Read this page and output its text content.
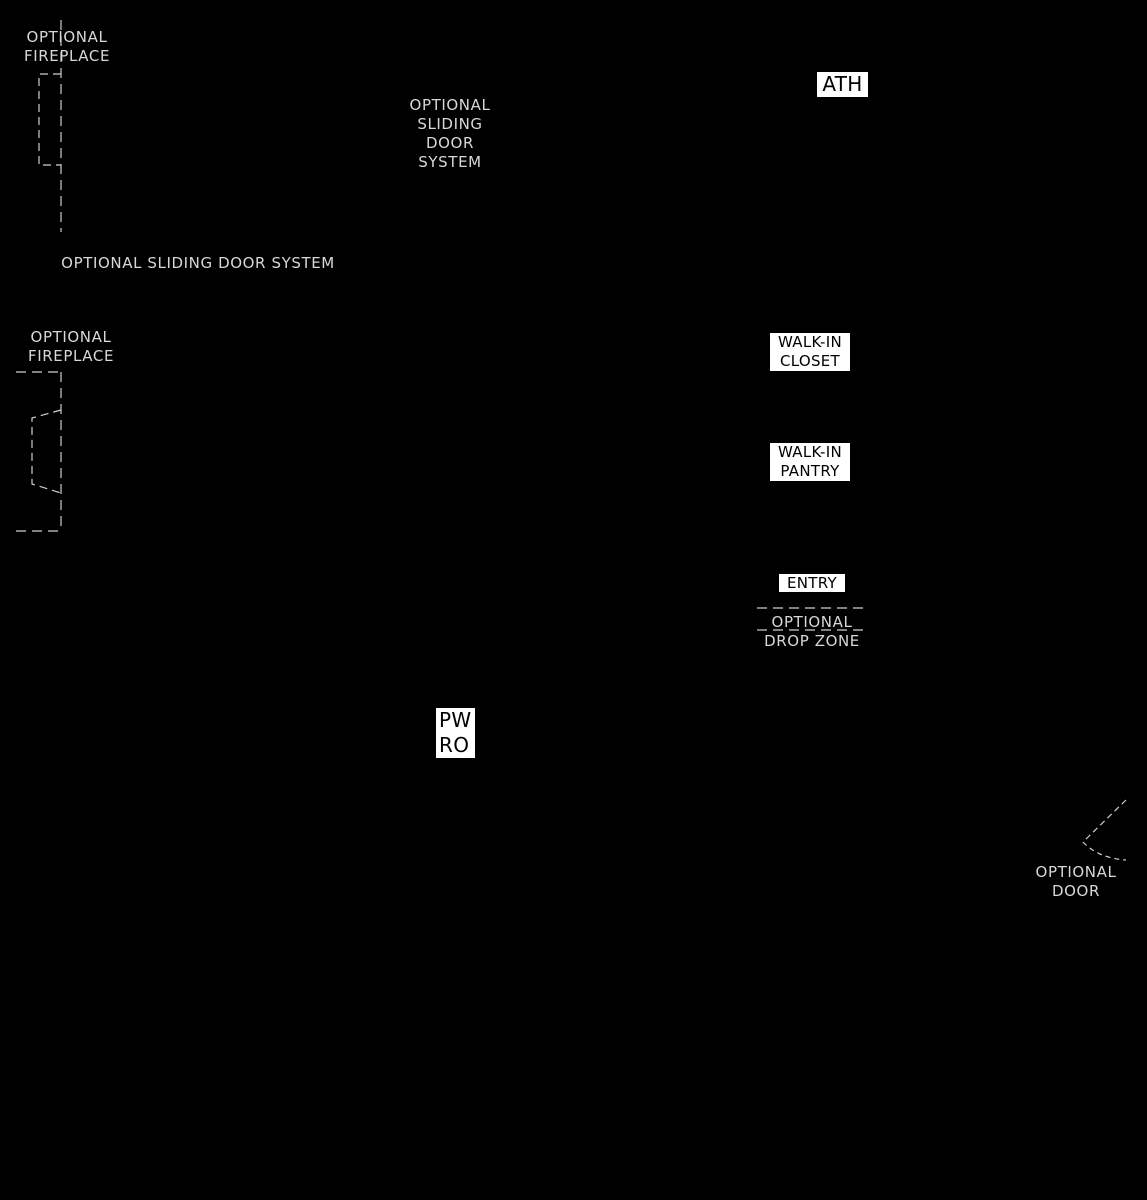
OPTIONAL
FIREPLACE
OPTIONAL
SLIDING
DOOR
SYSTEM
OPTIONAL SLIDING DOOR SYSTEM
OPTIONAL
FIREPLACE
OPTIONAL
DROP ZONE
OPTIONAL
DOOR
ATH
WALK-IN
CLOSET
WALK-IN
PANTRY
ENTRY
PW
RO
